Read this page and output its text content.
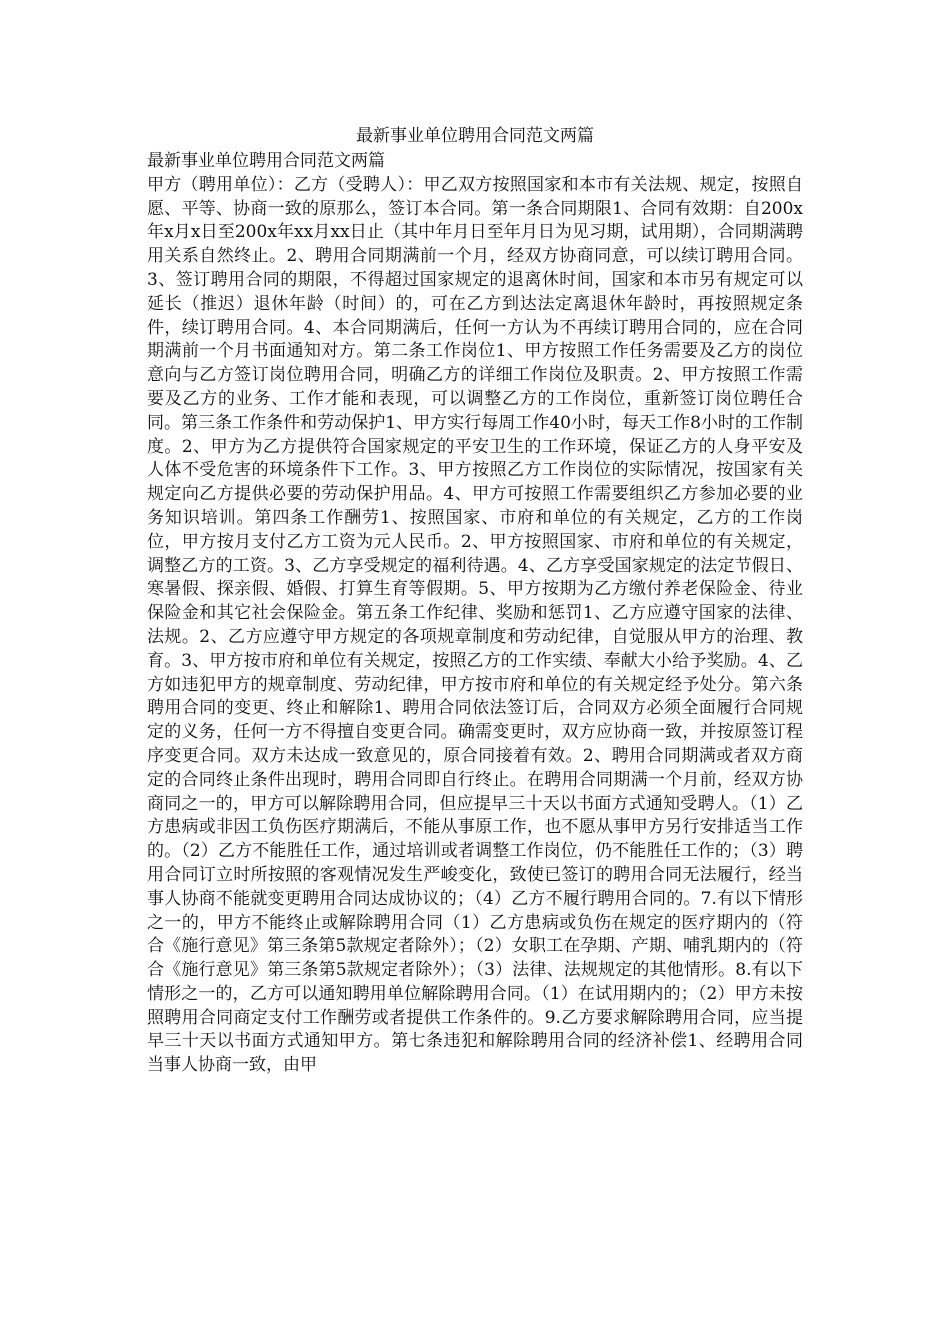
最新事业单位聘用合同范文两篇
最新事业单位聘用合同范文两篇
甲方（聘用单位）：乙方（受聘人）：甲乙双方按照国家和本市有关法规、规定，按照自愿、平等、协商一致的原那么，签订本合同。第一条合同期限1、合同有效期：自200x年x月x日至200x年xx月xx日止（其中年月日至年月日为见习期，试用期），合同期满聘用关系自然终止。2、聘用合同期满前一个月，经双方协商同意，可以续订聘用合同。3、签订聘用合同的期限，不得超过国家规定的退离休时间，国家和本市另有规定可以延长（推迟）退休年龄（时间）的，可在乙方到达法定离退休年龄时，再按照规定条件，续订聘用合同。4、本合同期满后，任何一方认为不再续订聘用合同的，应在合同期满前一个月书面通知对方。第二条工作岗位1、甲方按照工作任务需要及乙方的岗位意向与乙方签订岗位聘用合同，明确乙方的详细工作岗位及职责。2、甲方按照工作需要及乙方的业务、工作才能和表现，可以调整乙方的工作岗位，重新签订岗位聘任合同。第三条工作条件和劳动保护1、甲方实行每周工作40小时，每天工作8小时的工作制度。2、甲方为乙方提供符合国家规定的平安卫生的工作环境，保证乙方的人身平安及人体不受危害的环境条件下工作。3、甲方按照乙方工作岗位的实际情况，按国家有关规定向乙方提供必要的劳动保护用品。4、甲方可按照工作需要组织乙方参加必要的业务知识培训。第四条工作酬劳1、按照国家、市府和单位的有关规定，乙方的工作岗位，甲方按月支付乙方工资为元人民币。2、甲方按照国家、市府和单位的有关规定，调整乙方的工资。3、乙方享受规定的福利待遇。4、乙方享受国家规定的法定节假日、寒暑假、探亲假、婚假、打算生育等假期。5、甲方按期为乙方缴付养老保险金、待业保险金和其它社会保险金。第五条工作纪律、奖励和惩罚1、乙方应遵守国家的法律、法规。2、乙方应遵守甲方规定的各项规章制度和劳动纪律，自觉服从甲方的治理、教育。3、甲方按市府和单位有关规定，按照乙方的工作实绩、奉献大小给予奖励。4、乙方如违犯甲方的规章制度、劳动纪律，甲方按市府和单位的有关规定经予处分。第六条聘用合同的变更、终止和解除1、聘用合同依法签订后，合同双方必须全面履行合同规定的义务，任何一方不得擅自变更合同。确需变更时，双方应协商一致，并按原签订程序变更合同。双方未达成一致意见的，原合同接着有效。2、聘用合同期满或者双方商定的合同终止条件出现时，聘用合同即自行终止。在聘用合同期满一个月前，经双方协商同之一的，甲方可以解除聘用合同，但应提早三十天以书面方式通知受聘人。（1）乙方患病或非因工负伤医疗期满后，不能从事原工作，也不愿从事甲方另行安排适当工作的。（2）乙方不能胜任工作，通过培训或者调整工作岗位，仍不能胜任工作的；（3）聘用合同订立时所按照的客观情况发生严峻变化，致使已签订的聘用合同无法履行，经当事人协商不能就变更聘用合同达成协议的；（4）乙方不履行聘用合同的。7.有以下情形之一的，甲方不能终止或解除聘用合同（1）乙方患病或负伤在规定的医疗期内的（符合《施行意见》第三条第5款规定者除外）；（2）女职工在孕期、产期、哺乳期内的（符合《施行意见》第三条第5款规定者除外）；（3）法律、法规规定的其他情形。8.有以下情形之一的，乙方可以通知聘用单位解除聘用合同。（1）在试用期内的；（2）甲方未按照聘用合同商定支付工作酬劳或者提供工作条件的。9.乙方要求解除聘用合同，应当提早三十天以书面方式通知甲方。第七条违犯和解除聘用合同的经济补偿1、经聘用合同当事人协商一致，由甲
